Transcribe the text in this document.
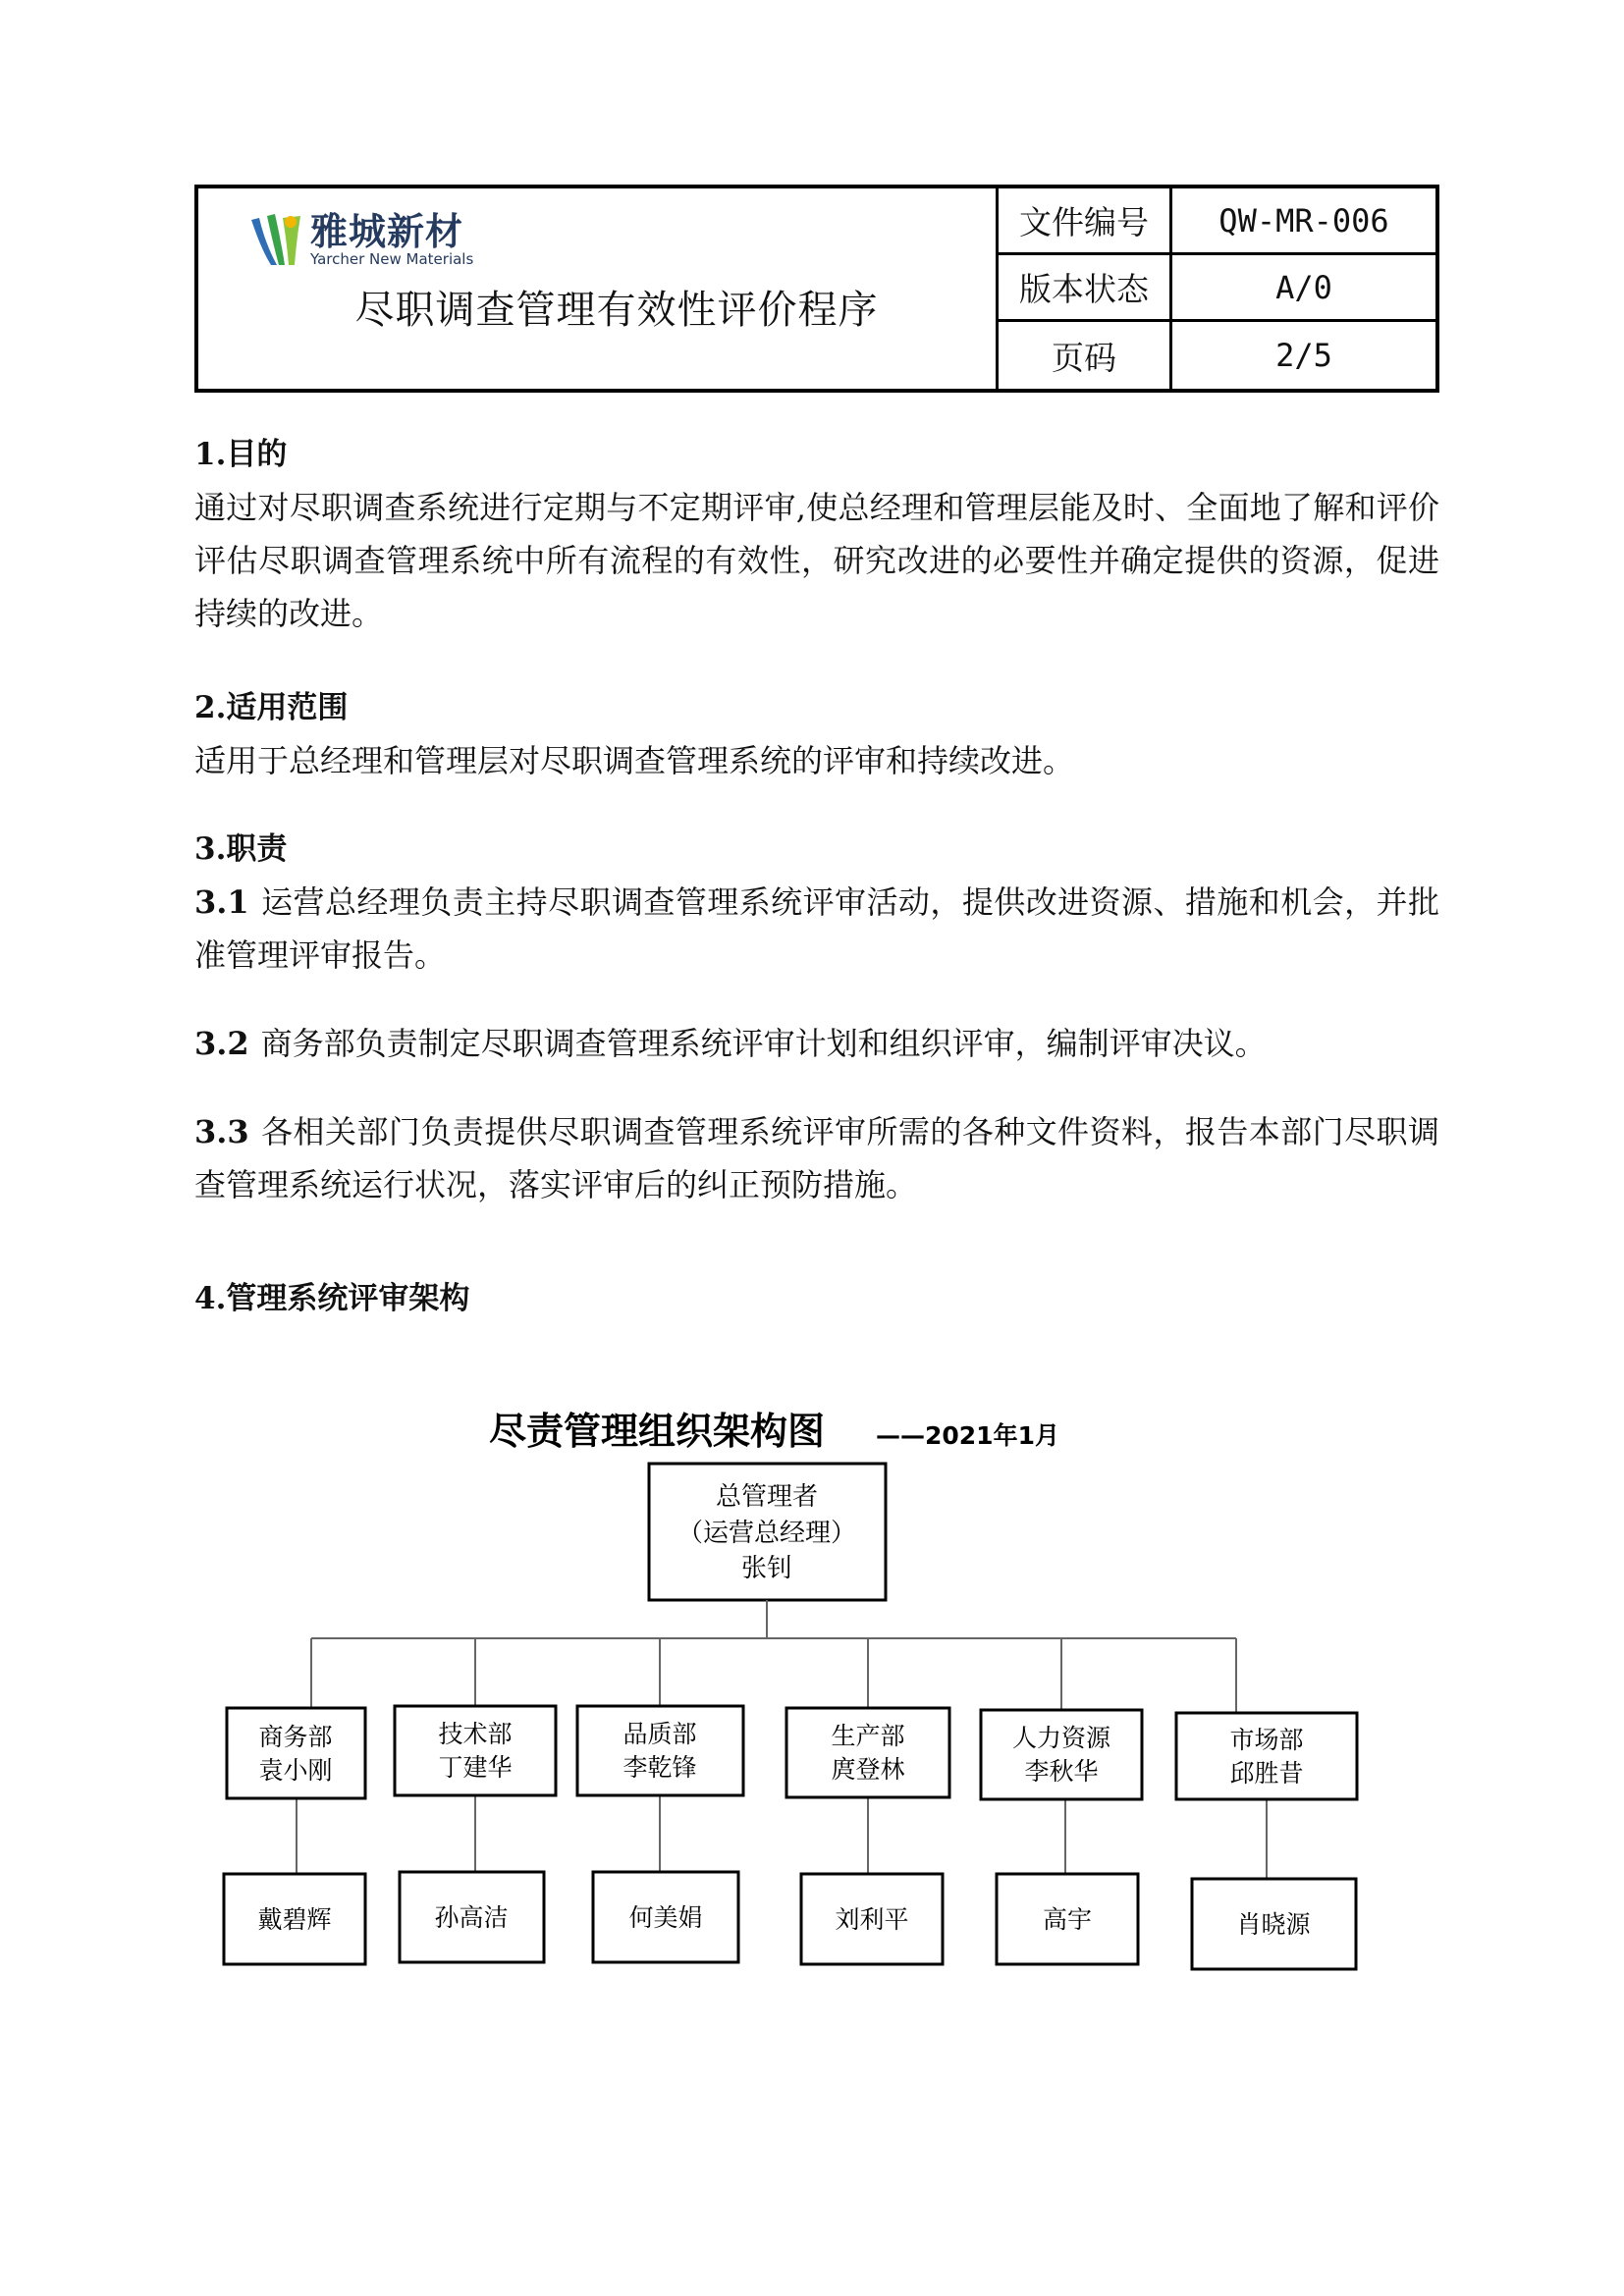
雅城新材
Yarcher New Materials
尽职调查管理有效性评价程序
文件编号	QW-MR-006
版本状态	A/0
页码	2/5
1.目的

通过对尽职调查系统进行定期与不定期评审,使总经理和管理层能及时、全面地了解和评价评估尽职调查管理系统中所有流程的有效性，研究改进的必要性并确定提供的资源，促进持续的改进。

2.适用范围

适用于总经理和管理层对尽职调查管理系统的评审和持续改进。

3.职责

3.1 运营总经理负责主持尽职调查管理系统评审活动，提供改进资源、措施和机会，并批准管理评审报告。

3.2 商务部负责制定尽职调查管理系统评审计划和组织评审，编制评审决议。

3.3 各相关部门负责提供尽职调查管理系统评审所需的各种文件资料，报告本部门尽职调查管理系统运行状况，落实评审后的纠正预防措施。

4.管理系统评审架构
尽责管理组织架构图 ——2021年1月
总管理者
（运营总经理）
张钊
商务部
袁小刚
戴碧辉
技术部
丁建华
孙高洁
品质部
李乾锋
何美娟
生产部
庹登林
刘利平
人力资源
李秋华
高宇
市场部
邱胜昔
肖晓源
